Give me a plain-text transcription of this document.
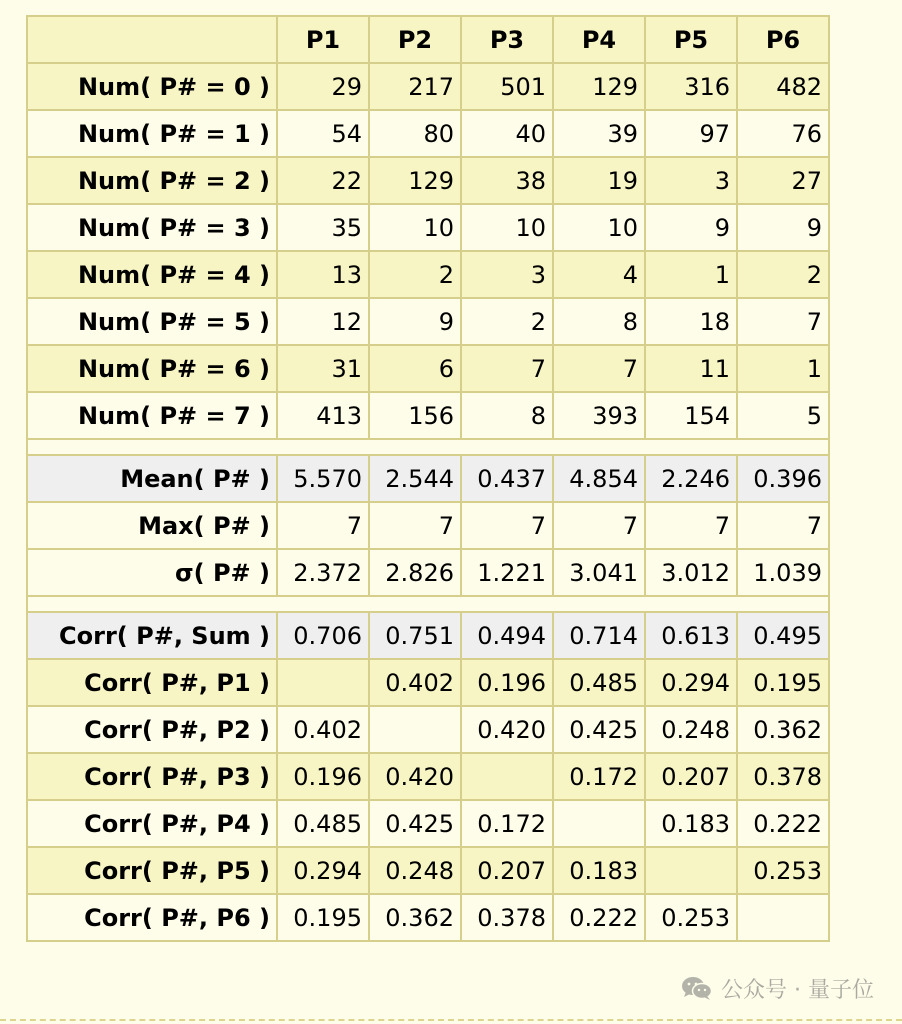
	P1	P2	P3	P4	P5	P6
Num( P# = 0 )	29	217	501	129	316	482
Num( P# = 1 )	54	80	40	39	97	76
Num( P# = 2 )	22	129	38	19	3	27
Num( P# = 3 )	35	10	10	10	9	9
Num( P# = 4 )	13	2	3	4	1	2
Num( P# = 5 )	12	9	2	8	18	7
Num( P# = 6 )	31	6	7	7	11	1
Num( P# = 7 )	413	156	8	393	154	5

Mean( P# )	5.570	2.544	0.437	4.854	2.246	0.396
Max( P# )	7	7	7	7	7	7
σ( P# )	2.372	2.826	1.221	3.041	3.012	1.039

Corr( P#, Sum )	0.706	0.751	0.494	0.714	0.613	0.495
Corr( P#, P1 )		0.402	0.196	0.485	0.294	0.195
Corr( P#, P2 )	0.402		0.420	0.425	0.248	0.362
Corr( P#, P3 )	0.196	0.420		0.172	0.207	0.378
Corr( P#, P4 )	0.485	0.425	0.172		0.183	0.222
Corr( P#, P5 )	0.294	0.248	0.207	0.183		0.253
Corr( P#, P6 )	0.195	0.362	0.378	0.222	0.253	
公众号 · 量子位
